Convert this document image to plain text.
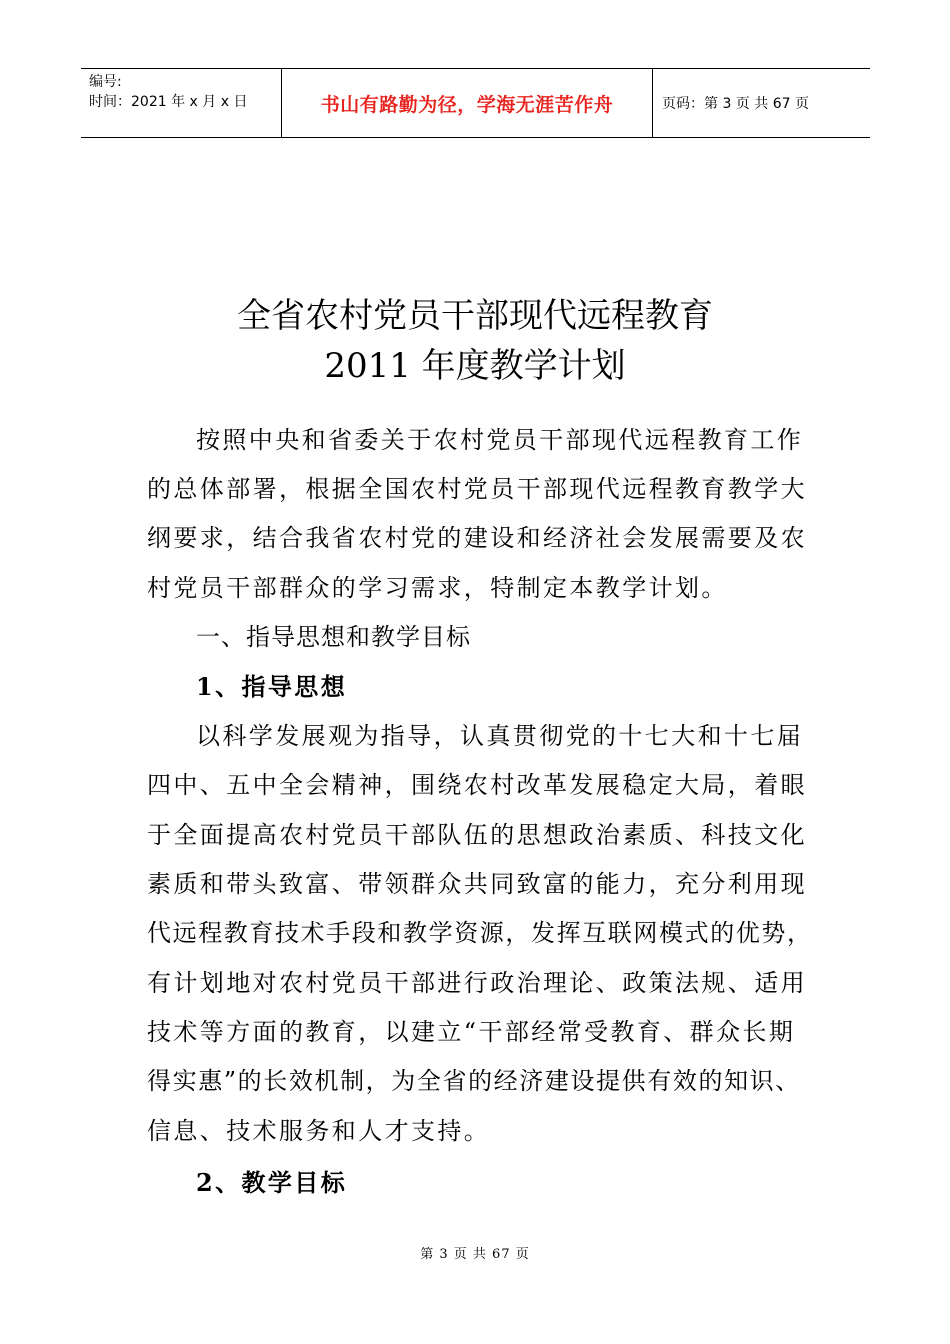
编号:
时间：2021 年 x 月 x 日	书山有路勤为径，学海无涯苦作舟	页码：第 3 页 共 67 页
全省农村党员干部现代远程教育
2011 年度教学计划
按照中央和省委关于农村党员干部现代远程教育工作
的总体部署，根据全国农村党员干部现代远程教育教学大
纲要求，结合我省农村党的建设和经济社会发展需要及农
村党员干部群众的学习需求，特制定本教学计划。
一、指导思想和教学目标
1、指导思想
以科学发展观为指导，认真贯彻党的十七大和十七届
四中、五中全会精神，围绕农村改革发展稳定大局，着眼
于全面提高农村党员干部队伍的思想政治素质、科技文化
素质和带头致富、带领群众共同致富的能力，充分利用现
代远程教育技术手段和教学资源，发挥互联网模式的优势，
有计划地对农村党员干部进行政治理论、政策法规、适用
技术等方面的教育，以建立“干部经常受教育、群众长期
得实惠”的长效机制，为全省的经济建设提供有效的知识、
信息、技术服务和人才支持。
2、教学目标
第 3 页 共 67 页
